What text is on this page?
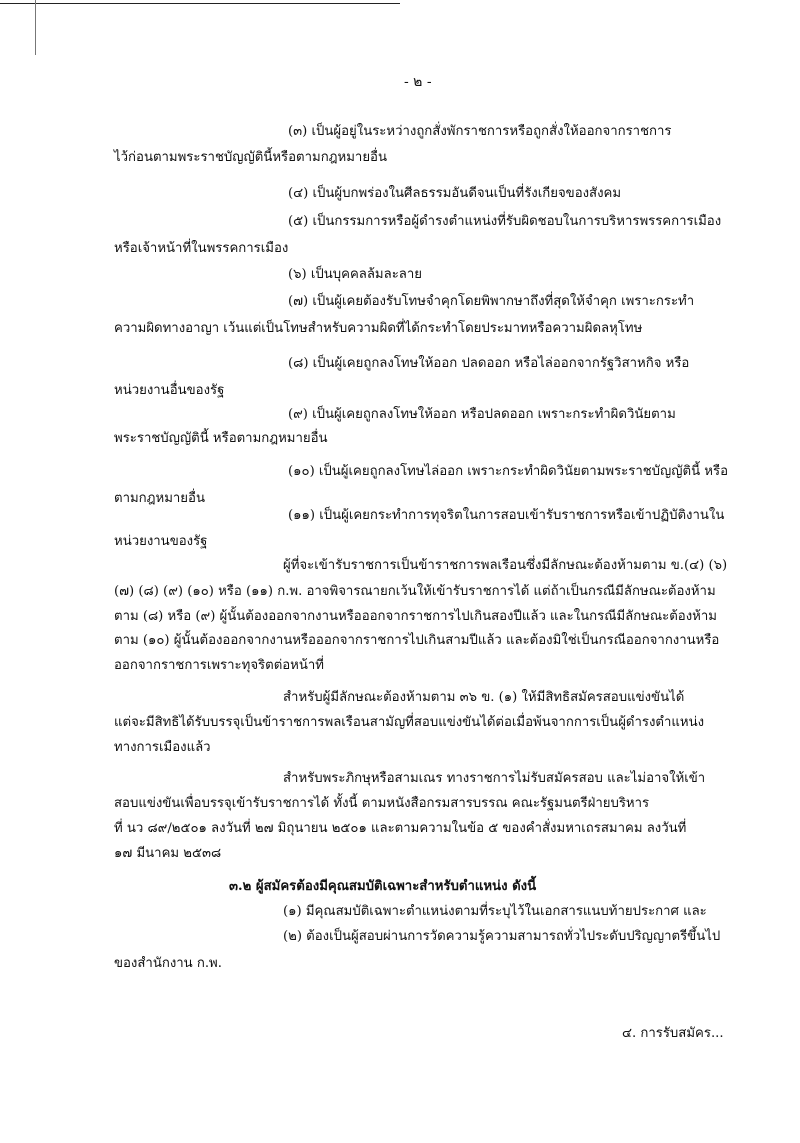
- ๒ -
(๓) เป็นผู้อยู่ในระหว่างถูกสั่งพักราชการหรือถูกสั่งให้ออกจากราชการ
ไว้ก่อนตามพระราชบัญญัตินี้หรือตามกฎหมายอื่น
(๔) เป็นผู้บกพร่องในศีลธรรมอันดีจนเป็นที่รังเกียจของสังคม
(๕) เป็นกรรมการหรือผู้ดำรงตำแหน่งที่รับผิดชอบในการบริหารพรรคการเมือง
หรือเจ้าหน้าที่ในพรรคการเมือง
(๖) เป็นบุคคลล้มละลาย
(๗) เป็นผู้เคยต้องรับโทษจำคุกโดยพิพากษาถึงที่สุดให้จำคุก เพราะกระทำ
ความผิดทางอาญา เว้นแต่เป็นโทษสำหรับความผิดที่ได้กระทำโดยประมาทหรือความผิดลหุโทษ
(๘) เป็นผู้เคยถูกลงโทษให้ออก ปลดออก หรือไล่ออกจากรัฐวิสาหกิจ หรือ
หน่วยงานอื่นของรัฐ
(๙) เป็นผู้เคยถูกลงโทษให้ออก หรือปลดออก เพราะกระทำผิดวินัยตาม
พระราชบัญญัตินี้ หรือตามกฎหมายอื่น
(๑๐) เป็นผู้เคยถูกลงโทษไล่ออก เพราะกระทำผิดวินัยตามพระราชบัญญัตินี้ หรือ
ตามกฎหมายอื่น
(๑๑) เป็นผู้เคยกระทำการทุจริตในการสอบเข้ารับราชการหรือเข้าปฏิบัติงานใน
หน่วยงานของรัฐ
ผู้ที่จะเข้ารับราชการเป็นข้าราชการพลเรือนซึ่งมีลักษณะต้องห้ามตาม ข.(๔) (๖)
(๗) (๘) (๙) (๑๐) หรือ (๑๑) ก.พ. อาจพิจารณายกเว้นให้เข้ารับราชการได้ แต่ถ้าเป็นกรณีมีลักษณะต้องห้าม
ตาม (๘) หรือ (๙) ผู้นั้นต้องออกจากงานหรือออกจากราชการไปเกินสองปีแล้ว และในกรณีมีลักษณะต้องห้าม
ตาม (๑๐) ผู้นั้นต้องออกจากงานหรือออกจากราชการไปเกินสามปีแล้ว และต้องมิใช่เป็นกรณีออกจากงานหรือ
ออกจากราชการเพราะทุจริตต่อหน้าที่
สำหรับผู้มีลักษณะต้องห้ามตาม ๓๖ ข. (๑) ให้มีสิทธิสมัครสอบแข่งขันได้
แต่จะมีสิทธิได้รับบรรจุเป็นข้าราชการพลเรือนสามัญที่สอบแข่งขันได้ต่อเมื่อพ้นจากการเป็นผู้ดำรงตำแหน่ง
ทางการเมืองแล้ว
สำหรับพระภิกษุหรือสามเณร ทางราชการไม่รับสมัครสอบ และไม่อาจให้เข้า
สอบแข่งขันเพื่อบรรจุเข้ารับราชการได้ ทั้งนี้ ตามหนังสือกรมสารบรรณ คณะรัฐมนตรีฝ่ายบริหาร
ที่ นว ๘๙/๒๕๐๑ ลงวันที่ ๒๗ มิถุนายน ๒๕๐๑ และตามความในข้อ ๕ ของคำสั่งมหาเถรสมาคม ลงวันที่
๑๗ มีนาคม ๒๕๓๘
๓.๒ ผู้สมัครต้องมีคุณสมบัติเฉพาะสำหรับตำแหน่ง ดังนี้
(๑) มีคุณสมบัติเฉพาะตำแหน่งตามที่ระบุไว้ในเอกสารแนบท้ายประกาศ และ
(๒) ต้องเป็นผู้สอบผ่านการวัดความรู้ความสามารถทั่วไประดับปริญญาตรีขึ้นไป
ของสำนักงาน ก.พ.
๔. การรับสมัคร...
